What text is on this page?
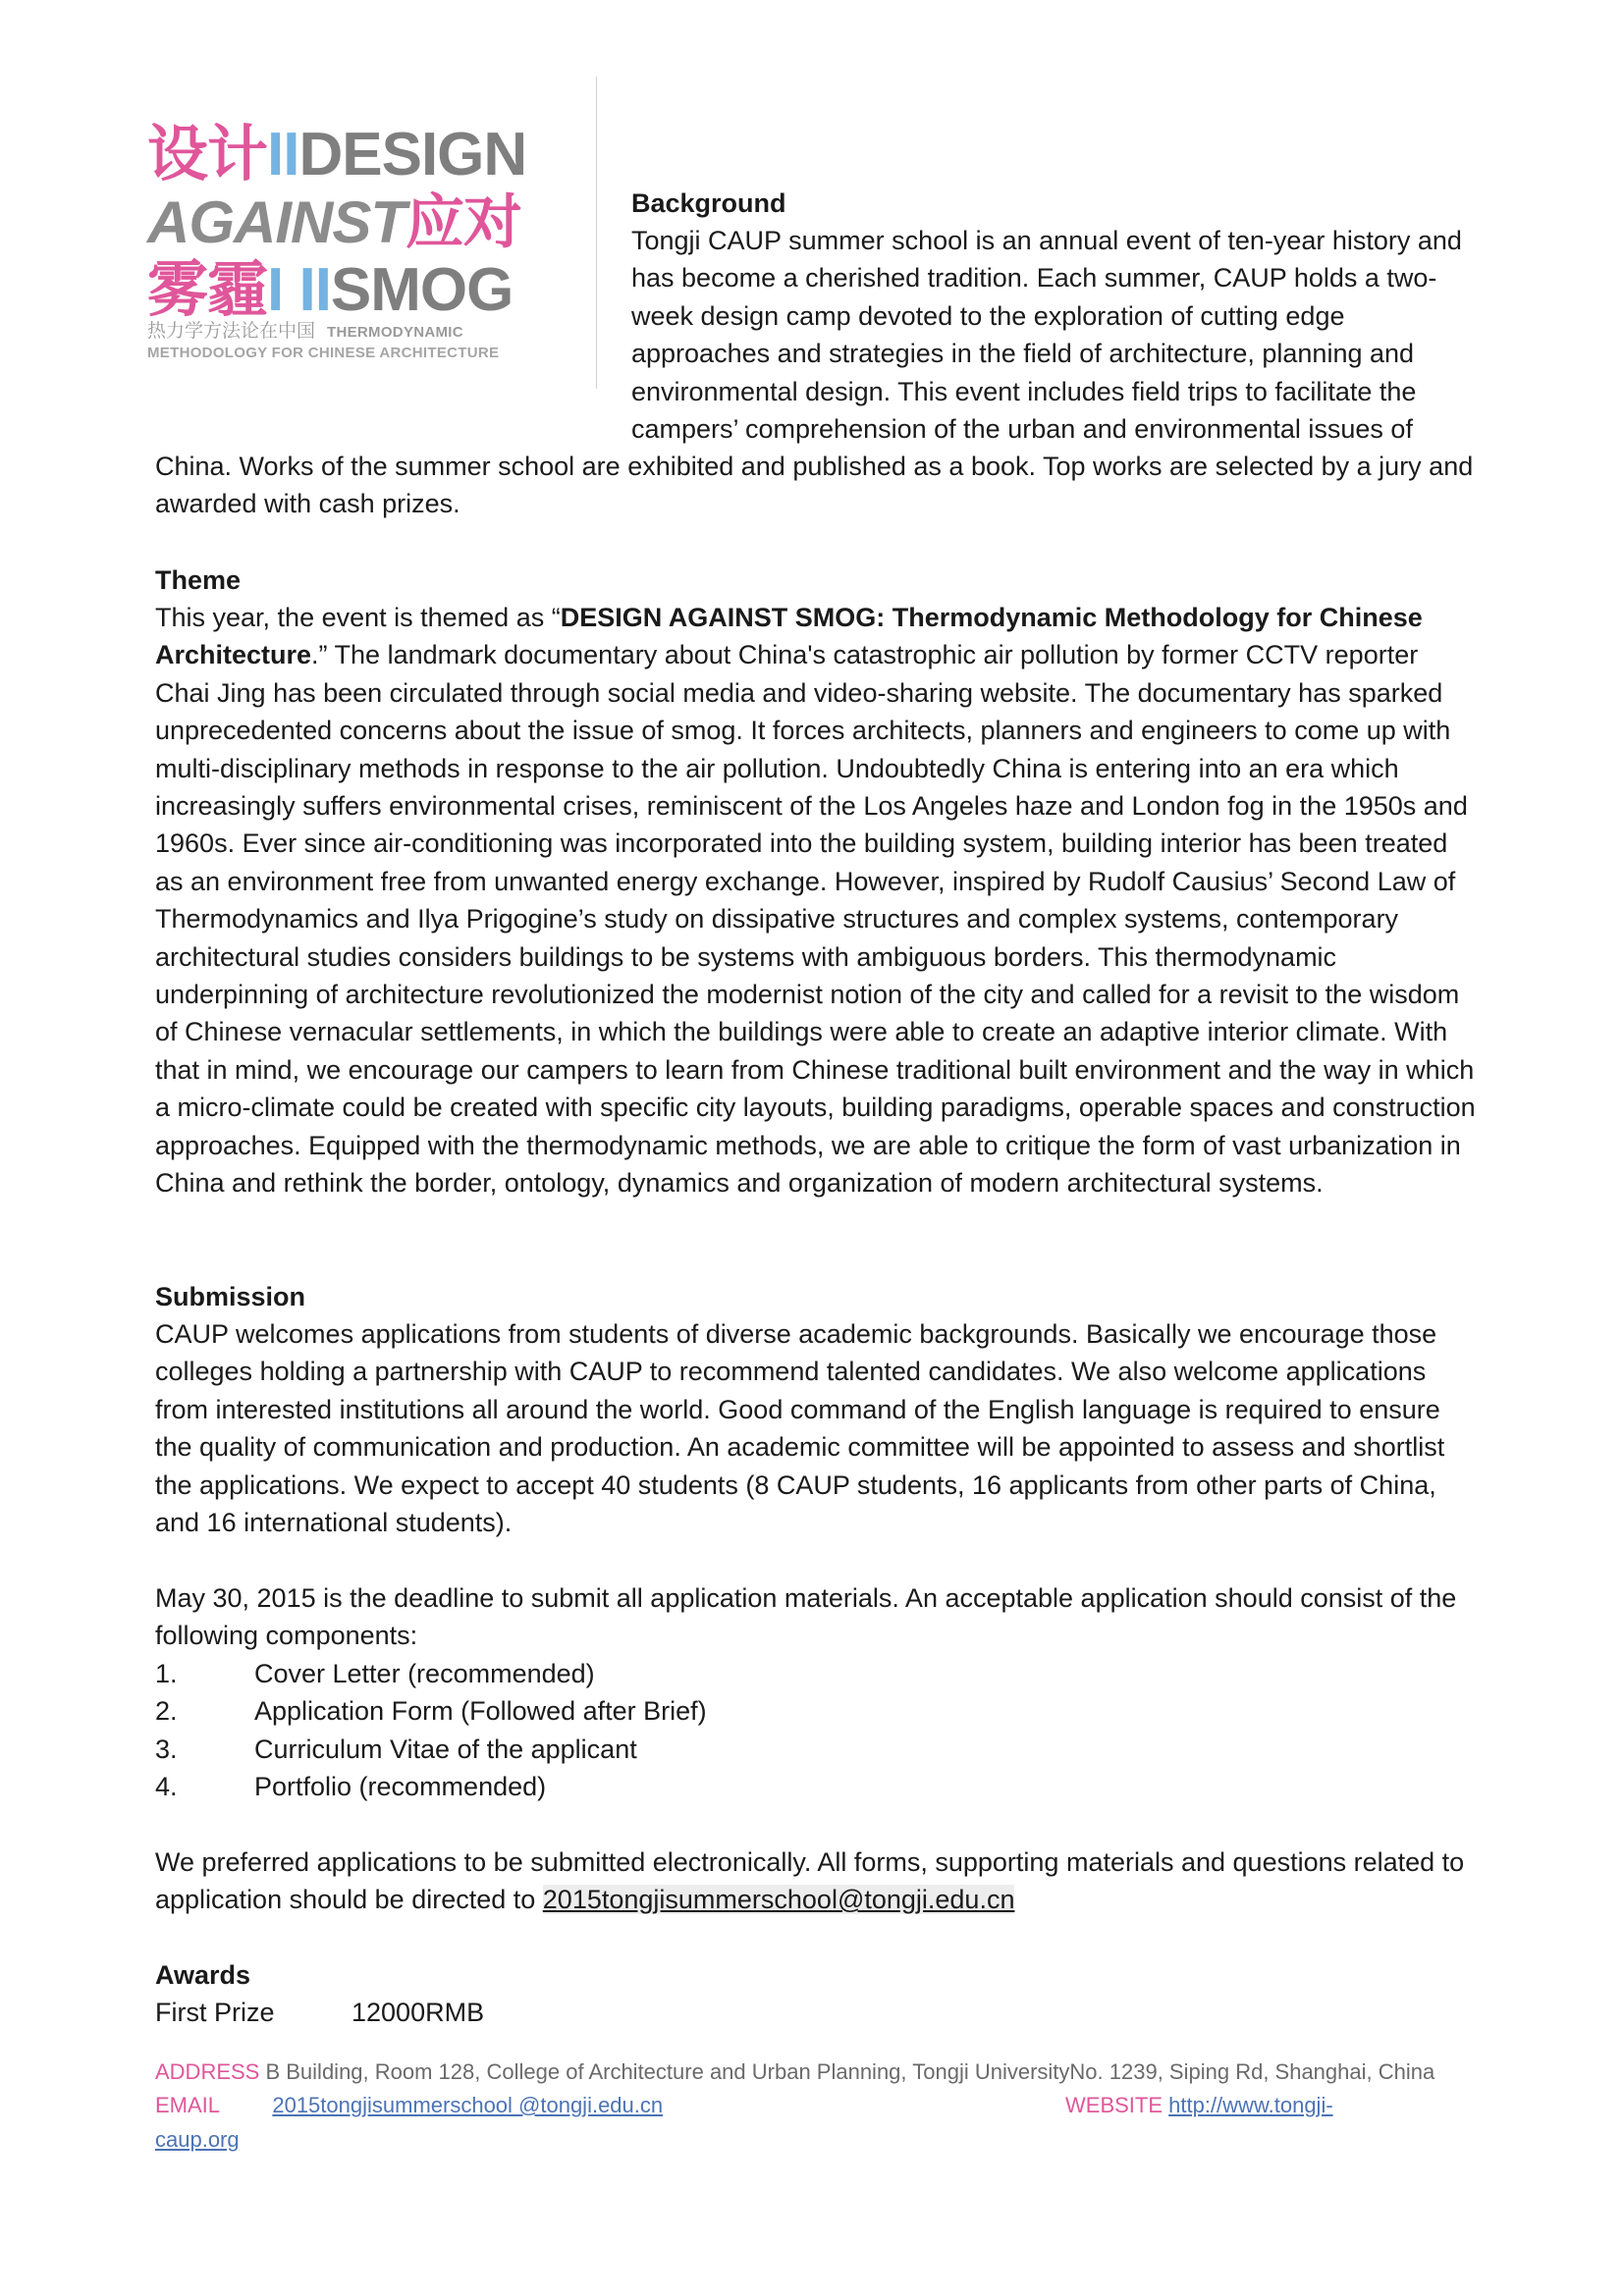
设计IIDESIGN
AGAINST应对
雾霾I IISMOG
热力学方法论在中国 THERMODYNAMIC
METHODOLOGY FOR CHINESE ARCHITECTURE
Background
Tongji CAUP summer school is an annual event of ten-year history and has become a cherished tradition. Each summer, CAUP holds a two-week design camp devoted to the exploration of cutting edge approaches and strategies in the field of architecture, planning and environmental design. This event includes field trips to facilitate the campers’ comprehension of the urban and environmental issues of
China. Works of the summer school are exhibited and published as a book. Top works are selected by a jury and awarded with cash prizes.
Theme
This year, the event is themed as “DESIGN AGAINST SMOG: Thermodynamic Methodology for Chinese Architecture.” The landmark documentary about China's catastrophic air pollution by former CCTV reporter Chai Jing has been circulated through social media and video-sharing website. The documentary has sparked unprecedented concerns about the issue of smog. It forces architects, planners and engineers to come up with multi-disciplinary methods in response to the air pollution. Undoubtedly China is entering into an era which increasingly suffers environmental crises, reminiscent of the Los Angeles haze and London fog in the 1950s and 1960s. Ever since air-conditioning was incorporated into the building system, building interior has been treated as an environment free from unwanted energy exchange. However, inspired by Rudolf Causius’ Second Law of Thermodynamics and Ilya Prigogine’s study on dissipative structures and complex systems, contemporary architectural studies considers buildings to be systems with ambiguous borders. This thermodynamic underpinning of architecture revolutionized the modernist notion of the city and called for a revisit to the wisdom of Chinese vernacular settlements, in which the buildings were able to create an adaptive interior climate. With that in mind, we encourage our campers to learn from Chinese traditional built environment and the way in which a micro-climate could be created with specific city layouts, building paradigms, operable spaces and construction approaches. Equipped with the thermodynamic methods, we are able to critique the form of vast urbanization in China and rethink the border, ontology, dynamics and organization of modern architectural systems.
Submission
CAUP welcomes applications from students of diverse academic backgrounds. Basically we encourage those colleges holding a partnership with CAUP to recommend talented candidates. We also welcome applications from interested institutions all around the world. Good command of the English language is required to ensure the quality of communication and production. An academic committee will be appointed to assess and shortlist the applications. We expect to accept 40 students (8 CAUP students, 16 applicants from other parts of China, and 16 international students).
May 30, 2015 is the deadline to submit all application materials. An acceptable application should consist of the following components:
1.	Cover Letter (recommended)
2.	Application Form (Followed after Brief)
3.	Curriculum Vitae of the applicant
4.	Portfolio (recommended)
We preferred applications to be submitted electronically. All forms, supporting materials and questions related to application should be directed to 2015tongjisummerschool@tongji.edu.cn
Awards
First Prize	12000RMB
ADDRESS B Building, Room 128, College of Architecture and Urban Planning, Tongji UniversityNo. 1239, Siping Rd, Shanghai, China
EMAIL 2015tongjisummerschool @tongji.edu.cn	WEBSITE http://www.tongji-
caup.org
